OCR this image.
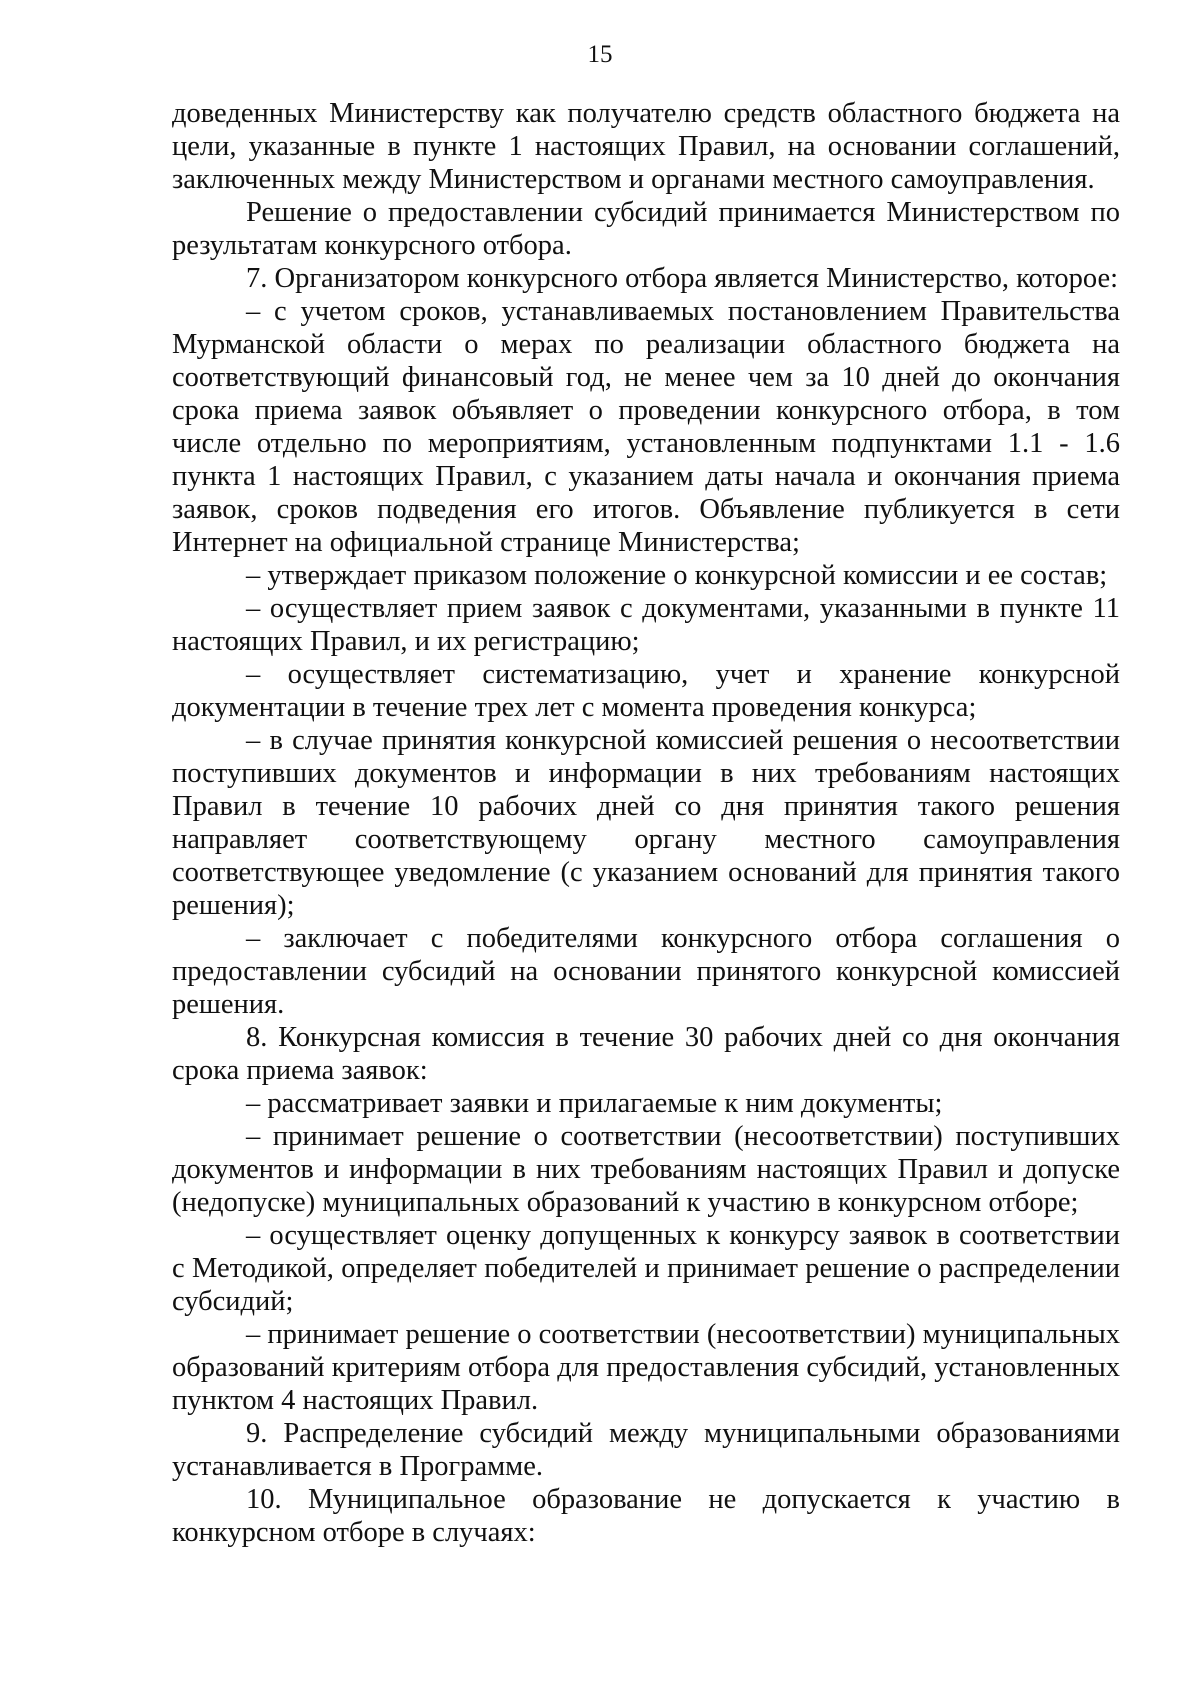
15

доведенных Министерству как получателю средств областного бюджета на цели, указанные в пункте 1 настоящих Правил, на основании соглашений, заключенных между Министерством и органами местного самоуправления.

Решение о предоставлении субсидий принимается Министерством по результатам конкурсного отбора.

7. Организатором конкурсного отбора является Министерство, которое:

– с учетом сроков, устанавливаемых постановлением Правительства Мурманской области о мерах по реализации областного бюджета на соответствующий финансовый год, не менее чем за 10 дней до окончания срока приема заявок объявляет о проведении конкурсного отбора, в том числе отдельно по мероприятиям, установленным подпунктами 1.1 - 1.6 пункта 1 настоящих Правил, с указанием даты начала и окончания приема заявок, сроков подведения его итогов. Объявление публикуется в сети Интернет на официальной странице Министерства;

– утверждает приказом положение о конкурсной комиссии и ее состав;

– осуществляет прием заявок с документами, указанными в пункте 11 настоящих Правил, и их регистрацию;

– осуществляет систематизацию, учет и хранение конкурсной документации в течение трех лет с момента проведения конкурса;

– в случае принятия конкурсной комиссией решения о несоответствии поступивших документов и информации в них требованиям настоящих Правил в течение 10 рабочих дней со дня принятия такого решения направляет соответствующему органу местного самоуправления соответствующее уведомление (с указанием оснований для принятия такого решения);

– заключает с победителями конкурсного отбора соглашения о предоставлении субсидий на основании принятого конкурсной комиссией решения.

8. Конкурсная комиссия в течение 30 рабочих дней со дня окончания срока приема заявок:

– рассматривает заявки и прилагаемые к ним документы;

– принимает решение о соответствии (несоответствии) поступивших документов и информации в них требованиям настоящих Правил и допуске (недопуске) муниципальных образований к участию в конкурсном отборе;

– осуществляет оценку допущенных к конкурсу заявок в соответствии с Методикой, определяет победителей и принимает решение о распределении субсидий;

– принимает решение о соответствии (несоответствии) муниципальных образований критериям отбора для предоставления субсидий, установленных пунктом 4 настоящих Правил.

9. Распределение субсидий между муниципальными образованиями устанавливается в Программе.

10. Муниципальное образование не допускается к участию в конкурсном отборе в случаях:
